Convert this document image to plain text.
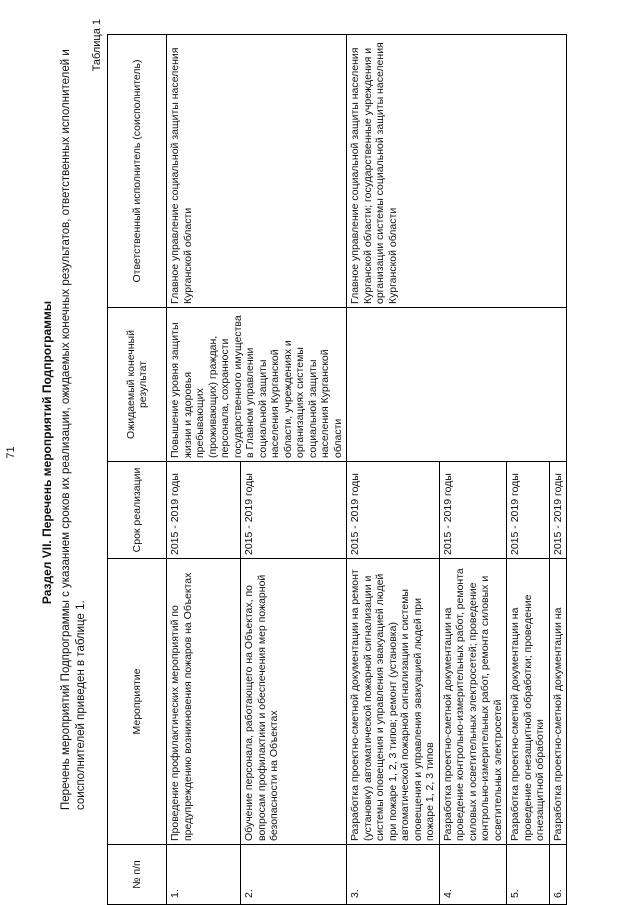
71 Раздел VII. Перечень мероприятий Подпрограммы Перечень мероприятий Подпрограммы с указанием сроков их реализации, ожидаемых конечных результатов, ответственных исполнителей и соисполнителей приведен в таблице 1.

Таблица 1
№ п/п	Мероприятие	Срок реализации	Ожидаемый конечный результат	Ответственный исполнитель (соисполнитель)
1.	Проведение профилактических мероприятий по предупреждению возникновения пожаров на Объектах	2015 - 2019 годы	Повышение уровня защиты жизни и здоровья пребывающих (проживающих) граждан, персонала, сохранности государственного имущества в Главном управлении социальной защиты населения Курганской области, учреждениях и организациях системы социальной защиты населения Курганской области	Главное управление социальной защиты населения Курганской области
2.	Обучение персонала, работающего на Объектах, по вопросам профилактики и обеспечения мер пожарной безопасности на Объектах	2015 - 2019 годы		
3.	Разработка проектно-сметной документации на ремонт (установку) автоматической пожарной сигнализации и системы оповещения и управления эвакуацией людей при пожаре 1, 2, 3 типов; ремонт (установка) автоматической пожарной сигнализации и системы оповещения и управления эвакуацией людей при пожаре 1, 2, 3 типов	2015 - 2019 годы		Главное управление социальной защиты населения Курганской области; государственные учреждения и организации системы социальной защиты населения Курганской области
4.	Разработка проектно-сметной документации на проведение контрольно-измерительных работ, ремонта силовых и осветительных электросетей; проведение контрольно-измерительных работ, ремонта силовых и осветительных электросетей	2015 - 2019 годы		
5.	Разработка проектно-сметной документации на проведение огнезащитной обработки; проведение огнезащитной обработки	2015 - 2019 годы		
6.	Разработка проектно-сметной документации на	2015 - 2019 годы		
